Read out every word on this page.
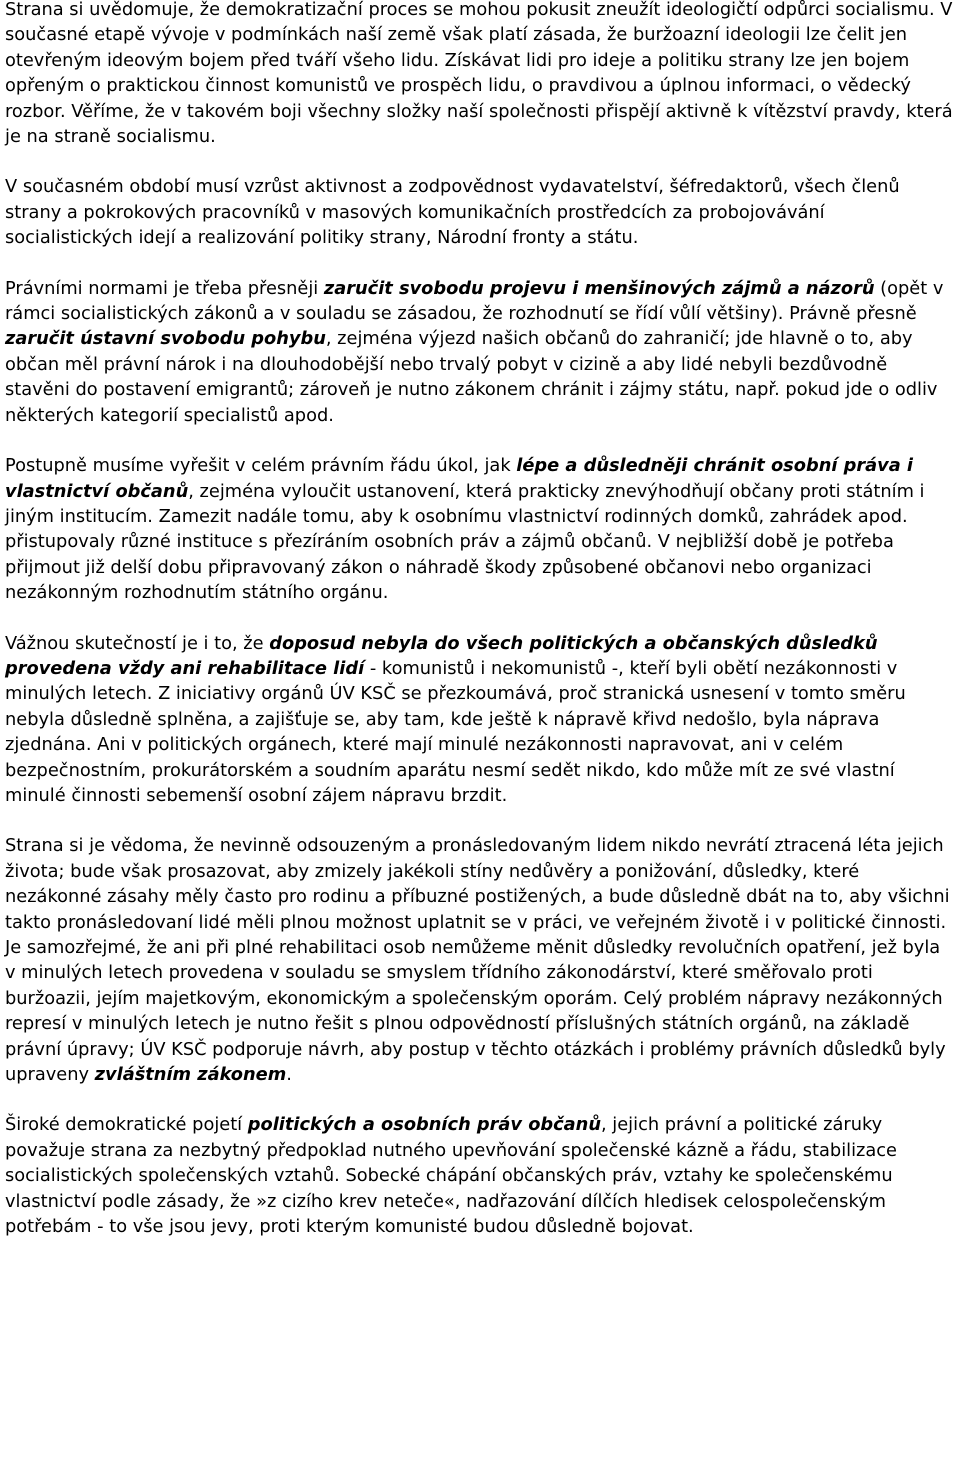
Strana si uvědomuje, že demokratizační proces se mohou pokusit zneužít ideologičtí odpůrci socialismu. V současné etapě vývoje v podmínkách naší země však platí zásada, že buržoazní ideologii lze čelit jen otevřeným ideovým bojem před tváří všeho lidu. Získávat lidi pro ideje a politiku strany lze jen bojem opřeným o praktickou činnost komunistů ve prospěch lidu, o pravdivou a úplnou informaci, o vědecký rozbor. Věříme, že v takovém boji všechny složky naší společnosti přispějí aktivně k vítězství pravdy, která je na straně socialismu.

V současném období musí vzrůst aktivnost a zodpovědnost vydavatelství, šéfredaktorů, všech členů strany a pokrokových pracovníků v masových komunikačních prostředcích za probojovávání socialistických idejí a realizování politiky strany, Národní fronty a státu.

Právními normami je třeba přesněji zaručit svobodu projevu i menšinových zájmů a názorů (opět v rámci socialistických zákonů a v souladu se zásadou, že rozhodnutí se řídí vůlí většiny). Právně přesně zaručit ústavní svobodu pohybu, zejména výjezd našich občanů do zahraničí; jde hlavně o to, aby občan měl právní nárok i na dlouhodobější nebo trvalý pobyt v cizině a aby lidé nebyli bezdůvodně stavěni do postavení emigrantů; zároveň je nutno zákonem chránit i zájmy státu, např. pokud jde o odliv některých kategorií specialistů apod.

Postupně musíme vyřešit v celém právním řádu úkol, jak lépe a důsledněji chránit osobní práva i vlastnictví občanů, zejména vyloučit ustanovení, která prakticky znevýhodňují občany proti státním i jiným institucím. Zamezit nadále tomu, aby k osobnímu vlastnictví rodinných domků, zahrádek apod. přistupovaly různé instituce s přezíráním osobních práv a zájmů občanů. V nejbližší době je potřeba přijmout již delší dobu připravovaný zákon o náhradě škody způsobené občanovi nebo organizaci nezákonným rozhodnutím státního orgánu.

Vážnou skutečností je i to, že doposud nebyla do všech politických a občanských důsledků provedena vždy ani rehabilitace lidí - komunistů i nekomunistů -, kteří byli obětí nezákonnosti v minulých letech. Z iniciativy orgánů ÚV KSČ se přezkoumává, proč stranická usnesení v tomto směru nebyla důsledně splněna, a zajišťuje se, aby tam, kde ještě k nápravě křivd nedošlo, byla náprava zjednána. Ani v politických orgánech, které mají minulé nezákonnosti napravovat, ani v celém bezpečnostním, prokurátorském a soudním aparátu nesmí sedět nikdo, kdo může mít ze své vlastní minulé činnosti sebemenší osobní zájem nápravu brzdit.

Strana si je vědoma, že nevinně odsouzeným a pronásledovaným lidem nikdo nevrátí ztracená léta jejich života; bude však prosazovat, aby zmizely jakékoli stíny nedůvěry a ponižování, důsledky, které nezákonné zásahy měly často pro rodinu a příbuzné postižených, a bude důsledně dbát na to, aby všichni takto pronásledovaní lidé měli plnou možnost uplatnit se v práci, ve veřejném životě i v politické činnosti. Je samozřejmé, že ani při plné rehabilitaci osob nemůžeme měnit důsledky revolučních opatření, jež byla v minulých letech provedena v souladu se smyslem třídního zákonodárství, které směřovalo proti buržoazii, jejím majetkovým, ekonomickým a společenským oporám. Celý problém nápravy nezákonných represí v minulých letech je nutno řešit s plnou odpovědností příslušných státních orgánů, na základě právní úpravy; ÚV KSČ podporuje návrh, aby postup v těchto otázkách i problémy právních důsledků byly upraveny zvláštním zákonem.

Široké demokratické pojetí politických a osobních práv občanů, jejich právní a politické záruky považuje strana za nezbytný předpoklad nutného upevňování společenské kázně a řádu, stabilizace socialistických společenských vztahů. Sobecké chápání občanských práv, vztahy ke společenskému vlastnictví podle zásady, že »z cizího krev neteče«, nadřazování dílčích hledisek celospolečenským potřebám - to vše jsou jevy, proti kterým komunisté budou důsledně bojovat.
